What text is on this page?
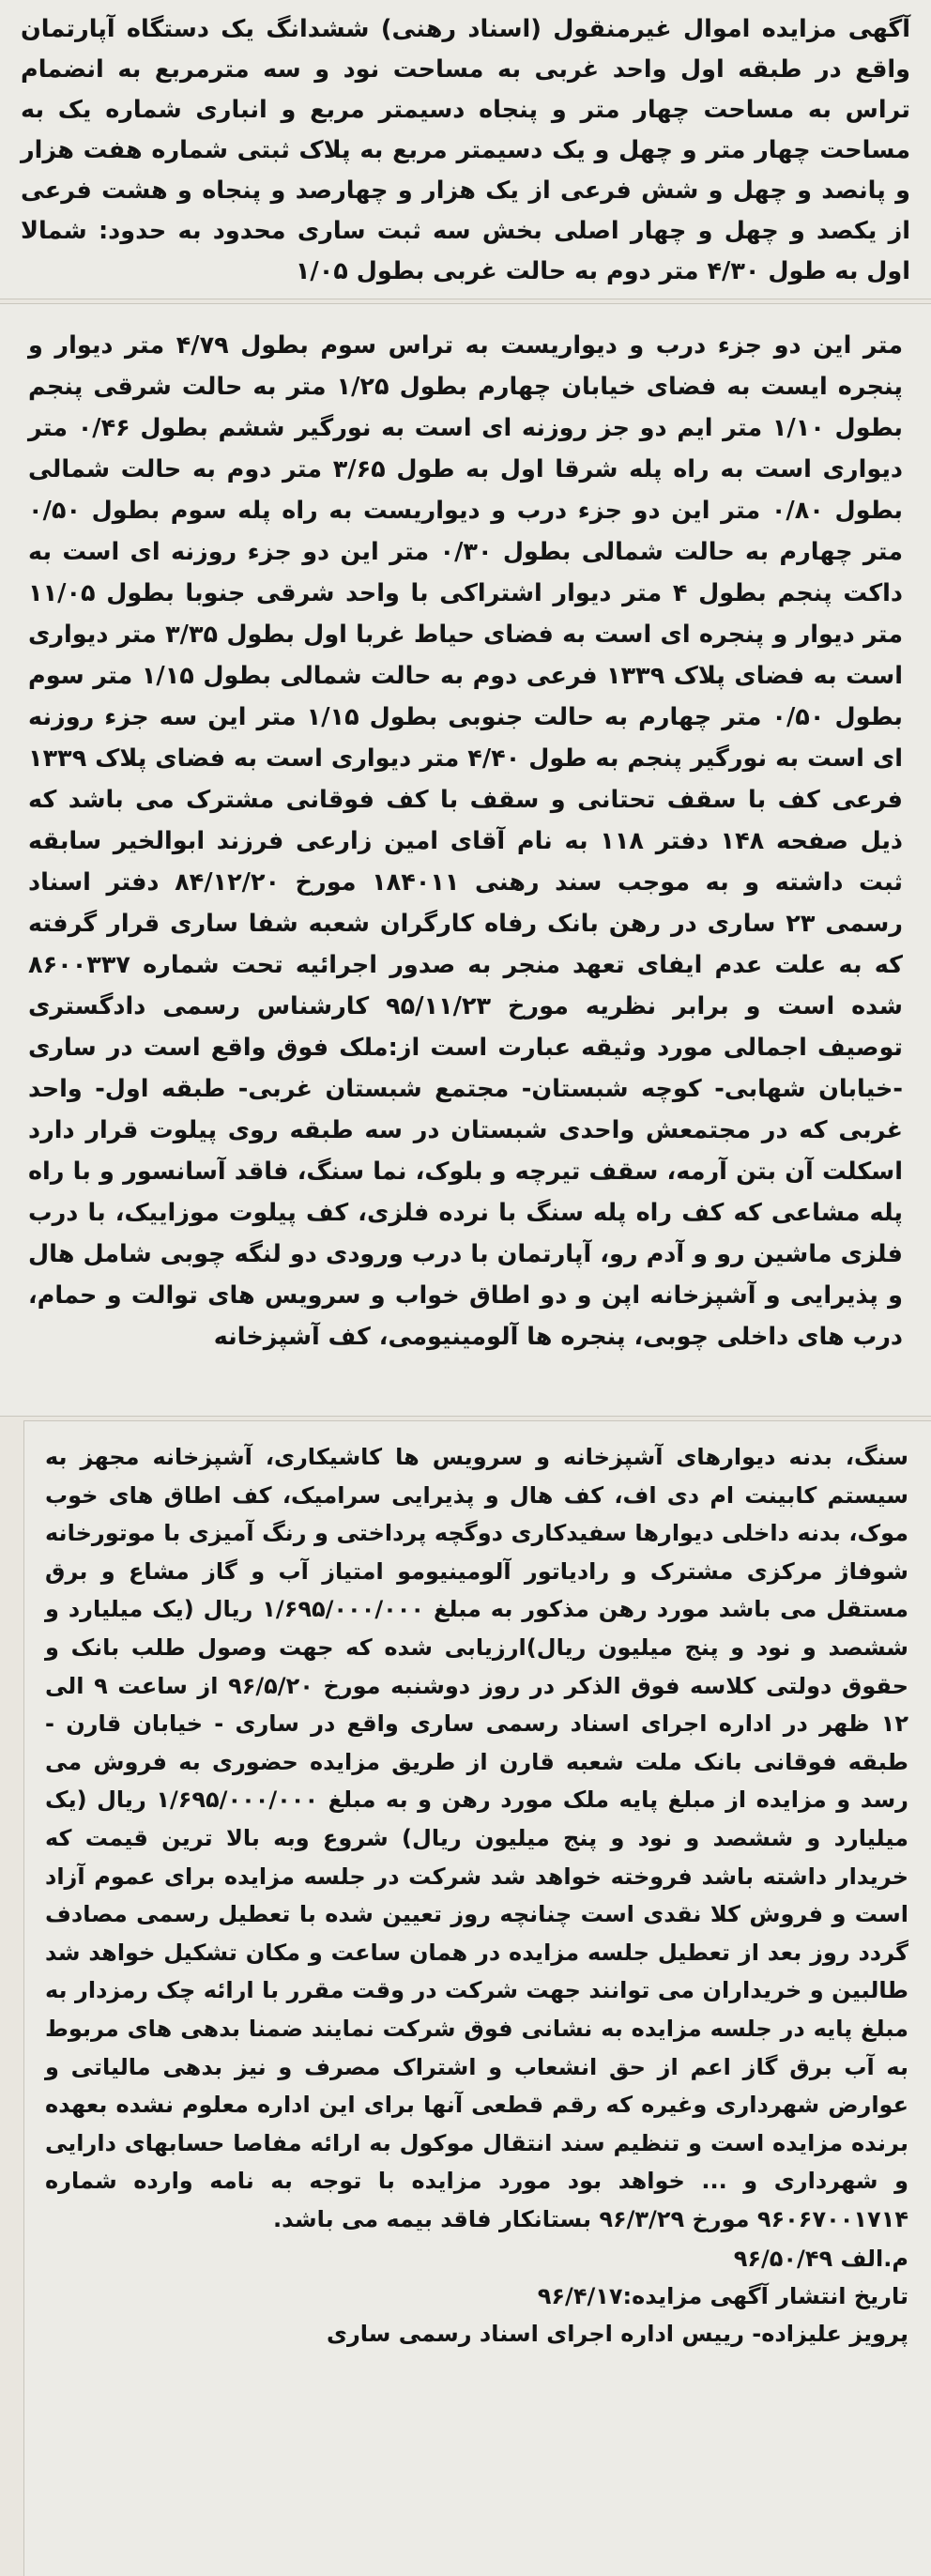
آگهی مزایده اموال غیرمنقول (اسناد رهنی) ششدانگ یک دستگاه آپارتمان واقع در طبقه اول واحد غربی به مساحت نود و سه مترمربع به انضمام تراس به مساحت چهار متر و پنجاه دسیمتر مربع و انباری شماره یک به مساحت چهار متر و چهل و یک دسیمتر مربع به پلاک ثبتی شماره هفت هزار و پانصد و چهل و شش فرعی از یک هزار و چهارصد و پنجاه و هشت فرعی از یکصد و چهل و چهار اصلی بخش سه ثبت ساری محدود به حدود: شمالا اول به طول ۴/۳۰ متر دوم به حالت غربی بطول ۱/۰۵

متر این دو جزء درب و دیواریست به تراس سوم بطول ۴/۷۹ متر دیوار و پنجره ایست به فضای خیابان چهارم بطول ۱/۲۵ متر به حالت شرقی پنجم بطول ۱/۱۰ متر ایم دو جز روزنه ای است به نورگیر ششم بطول ۰/۴۶ متر دیواری است به راه پله شرقا اول به طول ۳/۶۵ متر دوم به حالت شمالی بطول ۰/۸۰ متر این دو جزء درب و دیواریست به راه پله سوم بطول ۰/۵۰ متر چهارم به حالت شمالی بطول ۰/۳۰ متر این دو جزء روزنه ای است به داکت پنجم بطول ۴ متر دیوار اشتراکی با واحد شرقی جنوبا بطول ۱۱/۰۵ متر دیوار و پنجره ای است به فضای حیاط غربا اول بطول ۳/۳۵ متر دیواری است به فضای پلاک ۱۳۳۹ فرعی دوم به حالت شمالی بطول ۱/۱۵ متر سوم بطول ۰/۵۰ متر چهارم به حالت جنوبی بطول ۱/۱۵ متر این سه جزء روزنه ای است به نورگیر پنجم به طول ۴/۴۰ متر دیواری است به فضای پلاک ۱۳۳۹ فرعی کف با سقف تحتانی و سقف با کف فوقانی مشترک می باشد که ذیل صفحه ۱۴۸ دفتر ۱۱۸ به نام آقای امین زارعی فرزند ابوالخیر سابقه ثبت داشته و به موجب سند رهنی ۱۸۴۰۱۱ مورخ ۸۴/۱۲/۲۰ دفتر اسناد رسمی ۲۳ ساری در رهن بانک رفاه کارگران شعبه شفا ساری قرار گرفته که به علت عدم ایفای تعهد منجر به صدور اجرائیه تحت شماره ۸۶۰۰۳۳۷ شده است و برابر نظریه مورخ ۹۵/۱۱/۲۳ کارشناس رسمی دادگستری توصیف اجمالی مورد وثیقه عبارت است از:ملک فوق واقع است در ساری -خیابان شهابی- کوچه شبستان- مجتمع شبستان غربی- طبقه اول- واحد غربی که در مجتمعش واحدی شبستان در سه طبقه روی پیلوت قرار دارد اسکلت آن بتن آرمه، سقف تیرچه و بلوک، نما سنگ، فاقد آسانسور و با راه پله مشاعی که کف راه پله سنگ با نرده فلزی، کف پیلوت موزاییک، با درب فلزی ماشین رو و آدم رو، آپارتمان با درب ورودی دو لنگه چوبی شامل هال و پذیرایی و آشپزخانه اپن و دو اطاق خواب و سرویس های توالت و حمام، درب های داخلی چوبی، پنجره ها آلومینیومی، کف آشپزخانه

سنگ، بدنه دیوارهای آشپزخانه و سرویس ها کاشیکاری، آشپزخانه مجهز به سیستم کابینت ام دی اف، کف هال و پذیرایی سرامیک، کف اطاق های خوب موک، بدنه داخلی دیوارها سفیدکاری دوگچه پرداختی و رنگ آمیزی با موتورخانه شوفاژ مرکزی مشترک و رادیاتور آلومینیومو امتیاز آب و گاز مشاع و برق مستقل می باشد مورد رهن مذکور به مبلغ ۱/۶۹۵/۰۰۰/۰۰۰ ریال (یک میلیارد و ششصد و نود و پنج میلیون ریال)ارزیابی شده که جهت وصول طلب بانک و حقوق دولتی کلاسه فوق الذکر در روز دوشنبه مورخ ۹۶/۵/۲۰ از ساعت ۹ الی ۱۲ ظهر در اداره اجرای اسناد رسمی ساری واقع در ساری - خیابان قارن - طبقه فوقانی بانک ملت شعبه قارن از طریق مزایده حضوری به فروش می رسد و مزایده از مبلغ پایه ملک مورد رهن و به مبلغ ۱/۶۹۵/۰۰۰/۰۰۰ ریال (یک میلیارد و ششصد و نود و پنج میلیون ریال) شروع وبه بالا ترین قیمت که خریدار داشته باشد فروخته خواهد شد شرکت در جلسه مزایده برای عموم آزاد است و فروش کلا نقدی است چنانچه روز تعیین شده با تعطیل رسمی مصادف گردد روز بعد از تعطیل جلسه مزایده در همان ساعت و مکان تشکیل خواهد شد طالبین و خریداران می توانند جهت شرکت در وقت مقرر با ارائه چک رمزدار به مبلغ پایه در جلسه مزایده به نشانی فوق شرکت نمایند ضمنا بدهی های مربوط به آب برق گاز اعم از حق انشعاب و اشتراک مصرف و نیز بدهی مالیاتی و عوارض شهرداری وغیره که رقم قطعی آنها برای این اداره معلوم نشده بعهده برنده مزایده است و تنظیم سند انتقال موکول به ارائه مفاصا حسابهای دارایی و شهرداری و ... خواهد بود مورد مزایده با توجه به نامه وارده شماره ۹۶۰۶۷۰۰۱۷۱۴ مورخ ۹۶/۳/۲۹ بستانکار فاقد بیمه می باشد.

م.الف ۹۶/۵۰/۴۹
تاریخ انتشار آگهی مزایده:۹۶/۴/۱۷
پرویز علیزاده- رییس اداره اجرای اسناد رسمی ساری
